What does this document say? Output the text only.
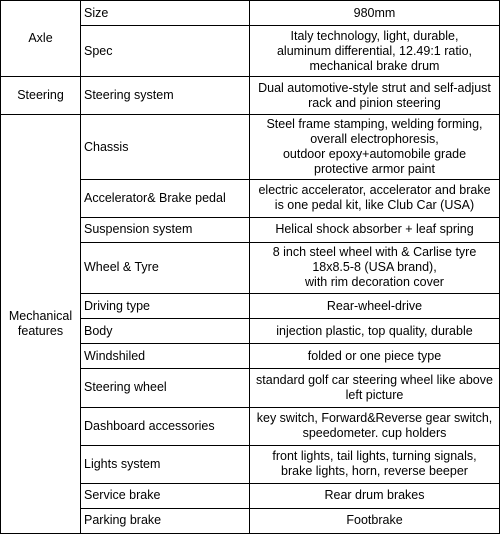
Axle	Size	980mm
	Spec	Italy technology, light, durable,
aluminum differential, 12.49:1 ratio,
mechanical brake drum
Steering	Steering system	Dual automotive-style strut and self-adjust
rack and pinion steering
Mechanical
features	Chassis	Steel frame stamping, welding forming,
overall electrophoresis,
outdoor epoxy+automobile grade
protective armor paint
	Accelerator& Brake pedal	electric accelerator, accelerator and brake
is one pedal kit, like Club Car (USA)
	Suspension system	Helical shock absorber + leaf spring
	Wheel & Tyre	8 inch steel wheel with & Carlise tyre
18x8.5-8 (USA brand),
with rim decoration cover
	Driving type	Rear-wheel-drive
	Body	injection plastic, top quality, durable
	Windshiled	folded or one piece type
	Steering wheel	standard golf car steering wheel like above
left picture
	Dashboard accessories	key switch, Forward&Reverse gear switch,
speedometer. cup holders
	Lights system	front lights, tail lights, turning signals,
brake lights, horn, reverse beeper
	Service brake	Rear drum brakes
	Parking brake	Footbrake
